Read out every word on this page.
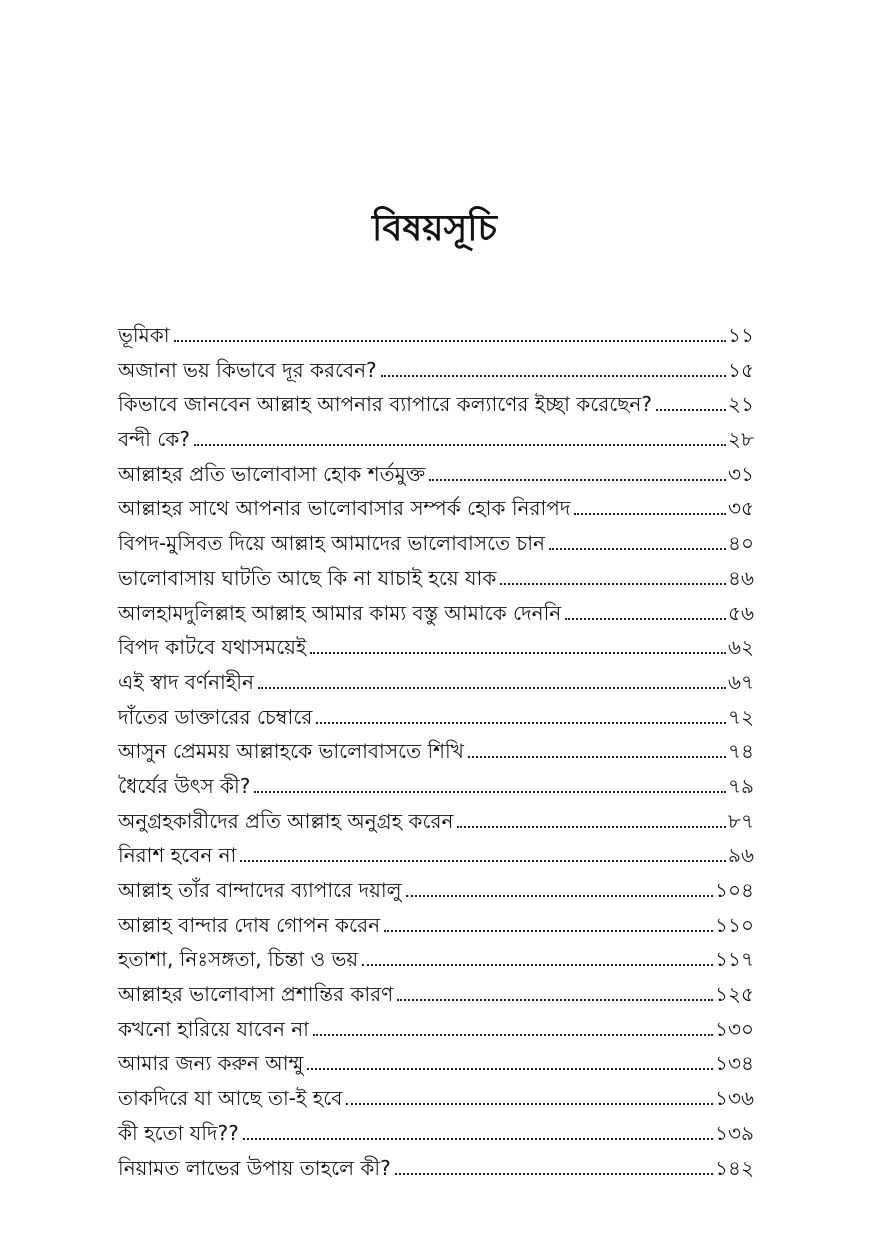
বিষয়সূচি
ভূমিকা	১১
অজানা ভয় কিভাবে দূর করবেন?	১৫
কিভাবে জানবেন আল্লাহ আপনার ব্যাপারে কল্যাণের ইচ্ছা করেছেন?	২১
বন্দী কে?	২৮
আল্লাহর প্রতি ভালোবাসা হোক শর্তমুক্ত	৩১
আল্লাহর সাথে আপনার ভালোবাসার সম্পর্ক হোক নিরাপদ	৩৫
বিপদ-মুসিবত দিয়ে আল্লাহ আমাদের ভালোবাসতে চান	৪০
ভালোবাসায় ঘাটতি আছে কি না যাচাই হয়ে যাক	৪৬
আলহামদুলিল্লাহ আল্লাহ আমার কাম্য বস্তু আমাকে দেননি	৫৬
বিপদ কাটবে যথাসময়েই	৬২
এই স্বাদ বর্ণনাহীন	৬৭
দাঁতের ডাক্তারের চেম্বারে	৭২
আসুন প্রেমময় আল্লাহকে ভালোবাসতে শিখি	৭৪
ধৈর্যের উৎস কী?	৭৯
অনুগ্রহকারীদের প্রতি আল্লাহ অনুগ্রহ করেন	৮৭
নিরাশ হবেন না	৯৬
আল্লাহ তাঁর বান্দাদের ব্যাপারে দয়ালু	১০৪
আল্লাহ বান্দার দোষ গোপন করেন	১১০
হতাশা, নিঃসঙ্গতা, চিন্তা ও ভয়	১১৭
আল্লাহর ভালোবাসা প্রশান্তির কারণ	১২৫
কখনো হারিয়ে যাবেন না	১৩০
আমার জন্য করুন আম্মু	১৩৪
তাকদিরে যা আছে তা-ই হবে	১৩৬
কী হতো যদি??	১৩৯
নিয়ামত লাভের উপায় তাহলে কী?	১৪২
